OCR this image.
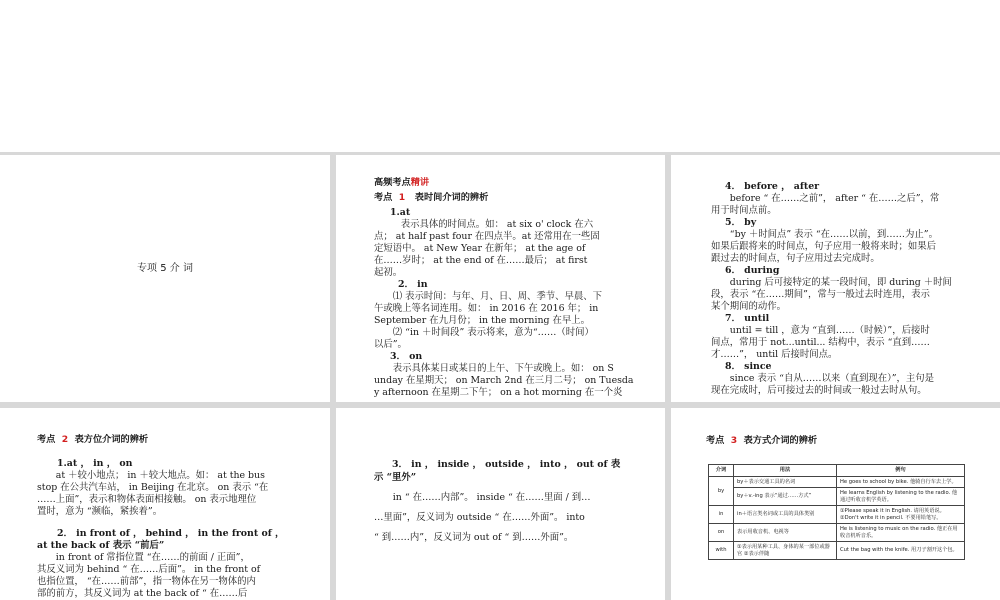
专项 5 介 词
高频考点精讲
考点 1 表时间介词的辨析
1.at

表示具体的时间点。如： at six o' clock 在六

点； at half past four 在四点半。at 还常用在一些固

定短语中。 at New Year 在新年； at the age of

在……岁时； at the end of 在……最后； at first

起初。

2． in

⑴ 表示时间：与年、月、日、周、季节、早晨、下

午或晚上等名词连用。如： in 2016 在 2016 年； in

September 在九月份； in the morning 在早上。

⑵ “in ＋时间段” 表示将来，意为“……（时间）

以后”。

3． on

表示具体某日或某日的上午、下午或晚上。如： on S

unday 在星期天； on March 2nd 在三月二号； on Tuesda

y afternoon 在星期二下午； on a hot morning 在一个炎

4． before ， after

before “ 在……之前”， after “ 在……之后”，常

用于时间点前。

5． by

“by ＋时间点” 表示 “在……以前，到……为止”。

如果后跟将来的时间点，句子应用一般将来时；如果后

跟过去的时间点，句子应用过去完成时。

6． during

during 后可接特定的某一段时间，即 during ＋时间

段，表示 “在……期间”，常与一般过去时连用，表示

某个期间的动作。

7． until

until = till ，意为 “直到……（时候）”，后接时

间点，常用于 not...until... 结构中，表示 “直到……

才……”， until 后接时间点。

8． since

since 表示 “自从……以来（直到现在）”，主句是

现在完成时，后可接过去的时间或一般过去时从句。

考点 2 表方位介词的辨析
1.at ， in ， on

at ＋较小地点； in ＋较大地点。如： at the bus

stop 在公共汽车站， in Beijing 在北京。 on 表示 “在

……上面”，表示和物体表面相接触。 on 表示地理位

置时，意为 “濒临，紧挨着”。

2． in front of ， behind ， in the front of ，
at the back of 表示 “前后”

in front of 常指位置 “在……的前面 / 正面”，

其反义词为 behind “ 在……后面”。 in the front of

也指位置， “在……前部”，指一物体在另一物体的内

部的前方，其反义词为 at the back of “ 在……后

3． in ， inside ， outside ， into ， out of 表
示 “里外”

in “ 在……内部”。 inside “ 在……里面 / 到…

…里面”，反义词为 outside “ 在……外面”。 into

“ 到……内”，反义词为 out of “ 到……外面”。

考点 3 表方式介词的辨析
介词	用法	例句
by	by＋表示交通工具的名词	He goes to school by bike. 他骑自行车去上学。
	by＋v.-ing 表示“通过……方式”	He learns English by listening to the radio. 他通过听收音机学英语。
in	in＋语言类名词或工具的具体类别	①Please speak it in English. 请用英语说。 ②Don't write it in pencil. 不要用铅笔写。
on	表示用收音机、电视等	He is listening to music on the radio. 他正在用收音机听音乐。
with	①表示用某种工具、身体的某一部位或器官 ②表示伴随	Cut the bag with the knife. 用刀子割开这个包。
